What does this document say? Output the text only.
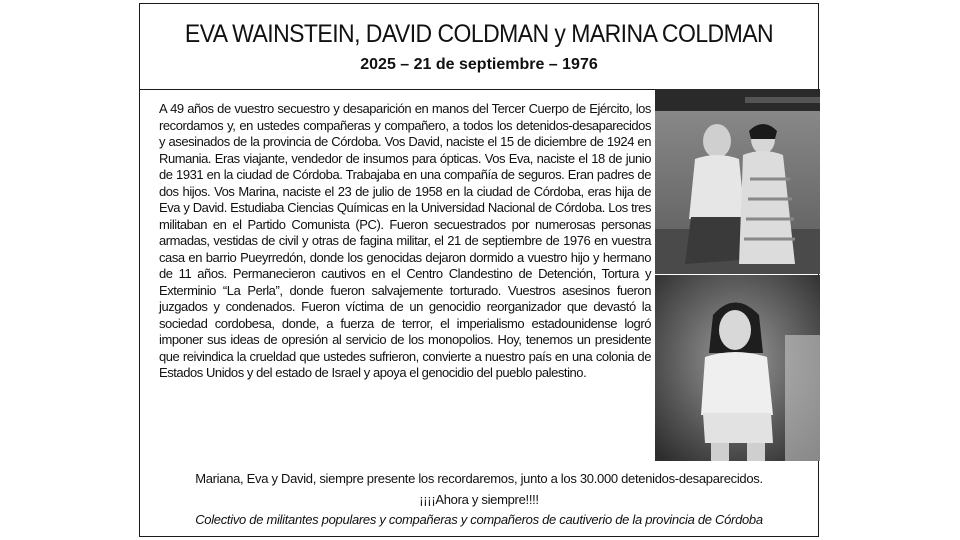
EVA WAINSTEIN, DAVID COLDMAN y MARINA COLDMAN
2025 – 21 de septiembre – 1976
A 49 años de vuestro secuestro y desaparición en manos del Tercer Cuerpo de Ejército, los recordamos y, en ustedes compañeras y compañero, a todos los detenidos-desaparecidos y asesinados de la provincia de Córdoba. Vos David, naciste el 15 de diciembre de 1924 en Rumania. Eras viajante, vendedor de insumos para ópticas. Vos Eva, naciste el 18 de junio de 1931 en la ciudad de Córdoba. Trabajaba en una compañía de seguros. Eran padres de dos hijos. Vos Marina, naciste el 23 de julio de 1958 en la ciudad de Córdoba, eras hija de Eva y David. Estudiaba Ciencias Químicas en la Universidad Nacional de Córdoba. Los tres militaban en el Partido Comunista (PC). Fueron secuestrados por numerosas personas armadas, vestidas de civil y otras de fagina militar, el 21 de septiembre de 1976 en vuestra casa en barrio Pueyrredón, donde los genocidas dejaron dormido a vuestro hijo y hermano de 11 años. Permanecieron cautivos en el Centro Clandestino de Detención, Tortura y Exterminio “La Perla”, donde fueron salvajemente torturado. Vuestros asesinos fueron juzgados y condenados. Fueron víctima de un genocidio reorganizador que devastó la sociedad cordobesa, donde, a fuerza de terror, el imperialismo estadounidense logró imponer sus ideas de opresión al servicio de los monopolios. Hoy, tenemos un presidente que reivindica la crueldad que ustedes sufrieron, convierte a nuestro país en una colonia de Estados Unidos y del estado de Israel y apoya el genocidio del pueblo palestino.
Mariana, Eva y David, siempre presente los recordaremos, junto a los 30.000 detenidos-desaparecidos.
¡¡¡¡Ahora y siempre!!!!
Colectivo de militantes populares y compañeras y compañeros de cautiverio de la provincia de Córdoba
